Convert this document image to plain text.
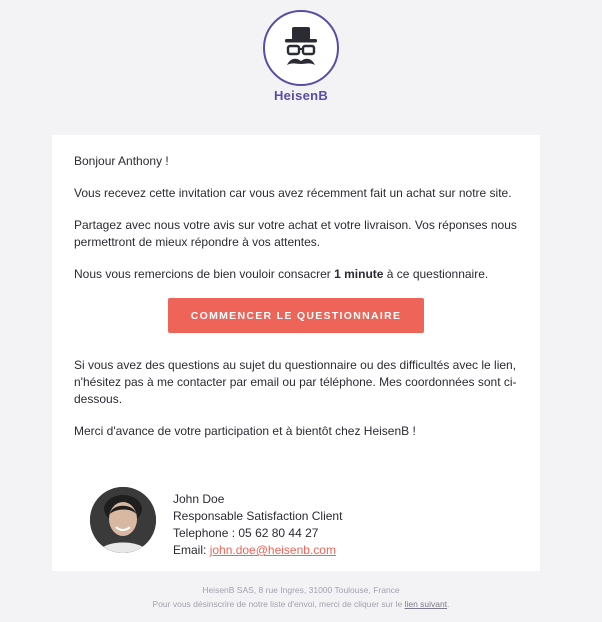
HeisenB

Bonjour Anthony !

Vous recevez cette invitation car vous avez récemment fait un achat sur notre site.

Partagez avec nous votre avis sur votre achat et votre livraison. Vos réponses nous permettront de mieux répondre à vos attentes.

Nous vous remercions de bien vouloir consacrer 1 minute à ce questionnaire.

COMMENCER LE QUESTIONNAIRE

Si vous avez des questions au sujet du questionnaire ou des difficultés avec le lien, n'hésitez pas à me contacter par email ou par téléphone. Mes coordonnées sont ci-dessous.

Merci d'avance de votre participation et à bientôt chez HeisenB !

John Doe
Responsable Satisfaction Client
Telephone : 05 62 80 44 27
Email: john.doe@heisenb.com
HeisenB SAS, 8 rue Ingres, 31000 Toulouse, France
Pour vous désinscrire de notre liste d'envoi, merci de cliquer sur le lien suivant.
